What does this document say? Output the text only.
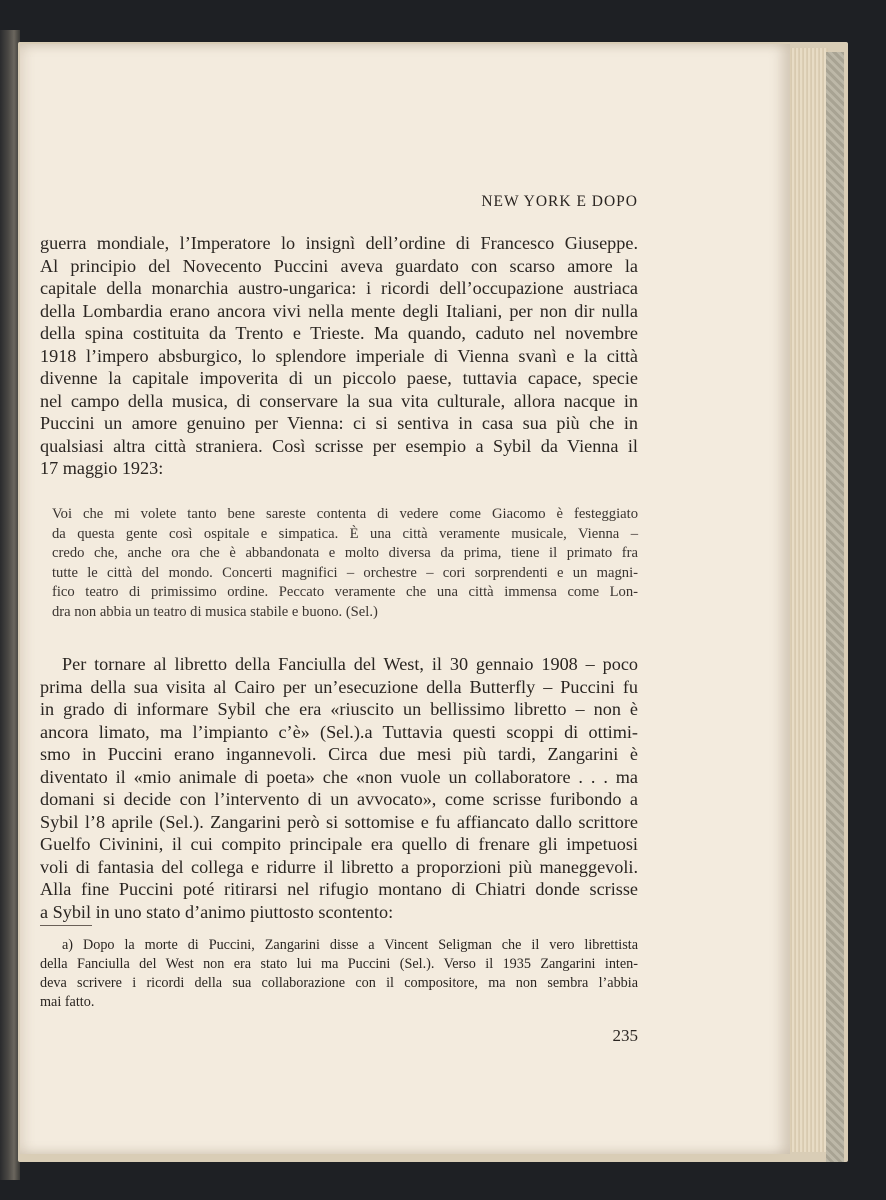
NEW YORK E DOPO
guerra mondiale, l’Imperatore lo insignì dell’ordine di Francesco Giuseppe.
Al principio del Novecento Puccini aveva guardato con scarso amore la
capitale della monarchia austro-ungarica: i ricordi dell’occupazione austriaca
della Lombardia erano ancora vivi nella mente degli Italiani, per non dir nulla
della spina costituita da Trento e Trieste. Ma quando, caduto nel novembre
1918 l’impero absburgico, lo splendore imperiale di Vienna svanì e la città
divenne la capitale impoverita di un piccolo paese, tuttavia capace, specie
nel campo della musica, di conservare la sua vita culturale, allora nacque in
Puccini un amore genuino per Vienna: ci si sentiva in casa sua più che in
qualsiasi altra città straniera. Così scrisse per esempio a Sybil da Vienna il
17 maggio 1923:
Voi che mi volete tanto bene sareste contenta di vedere come Giacomo è festeggiato
da questa gente così ospitale e simpatica. È una città veramente musicale, Vienna –
credo che, anche ora che è abbandonata e molto diversa da prima, tiene il primato fra
tutte le città del mondo. Concerti magnifici – orchestre – cori sorprendenti e un magni-
fico teatro di primissimo ordine. Peccato veramente che una città immensa come Lon-
dra non abbia un teatro di musica stabile e buono. (Sel.)
Per tornare al libretto della Fanciulla del West, il 30 gennaio 1908 – poco
prima della sua visita al Cairo per un’esecuzione della Butterfly – Puccini fu
in grado di informare Sybil che era «riuscito un bellissimo libretto – non è
ancora limato, ma l’impianto c’è» (Sel.).a Tuttavia questi scoppi di ottimi-
smo in Puccini erano ingannevoli. Circa due mesi più tardi, Zangarini è
diventato il «mio animale di poeta» che «non vuole un collaboratore . . . ma
domani si decide con l’intervento di un avvocato», come scrisse furibondo a
Sybil l’8 aprile (Sel.). Zangarini però si sottomise e fu affiancato dallo scrittore
Guelfo Civinini, il cui compito principale era quello di frenare gli impetuosi
voli di fantasia del collega e ridurre il libretto a proporzioni più maneggevoli.
Alla fine Puccini poté ritirarsi nel rifugio montano di Chiatri donde scrisse
a Sybil in uno stato d’animo piuttosto scontento:
a) Dopo la morte di Puccini, Zangarini disse a Vincent Seligman che il vero librettista
della Fanciulla del West non era stato lui ma Puccini (Sel.). Verso il 1935 Zangarini inten-
deva scrivere i ricordi della sua collaborazione con il compositore, ma non sembra l’abbia
mai fatto.
235
